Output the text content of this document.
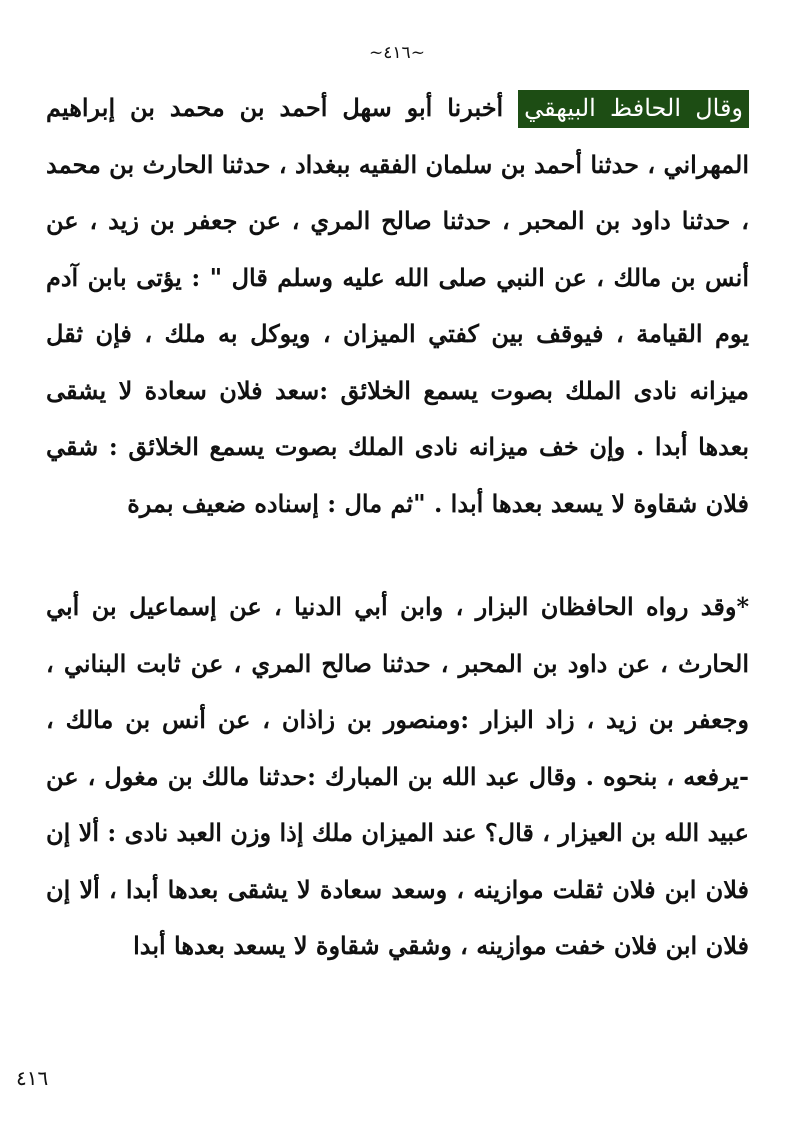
~٤١٦~

وقال الحافظ البيهقي أخبرنا أبو سهل أحمد بن محمد بن إبراهيم المهراني ، حدثنا أحمد بن سلمان الفقيه ببغداد ، حدثنا الحارث بن محمد ، حدثنا داود بن المحبر ، حدثنا صالح المري ، عن جعفر بن زيد ، عن أنس بن مالك ، عن النبي صلى الله عليه وسلم قال " : يؤتى بابن آدم يوم القيامة ، فيوقف بين كفتي الميزان ، ويوكل به ملك ، فإن ثقل ميزانه نادى الملك بصوت يسمع الخلائق :سعد فلان سعادة لا يشقى بعدها أبدا . وإن خف ميزانه نادى الملك بصوت يسمع الخلائق : شقي فلان شقاوة لا يسعد بعدها أبدا . "ثم مال : إسناده ضعيف بمرة

*وقد رواه الحافظان البزار ، وابن أبي الدنيا ، عن إسماعيل بن أبي الحارث ، عن داود بن المحبر ، حدثنا صالح المري ، عن ثابت البناني ، وجعفر بن زيد ، زاد البزار :ومنصور بن زاذان ، عن أنس بن مالك ، -يرفعه ، بنحوه . وقال عبد الله بن المبارك :حدثنا مالك بن مغول ، عن عبيد الله بن العيزار ، قال؟ عند الميزان ملك إذا وزن العبد نادى : ألا إن فلان ابن فلان ثقلت موازينه ، وسعد سعادة لا يشقى بعدها أبدا ، ألا إن فلان ابن فلان خفت موازينه ، وشقي شقاوة لا يسعد بعدها أبدا

٤١٦
